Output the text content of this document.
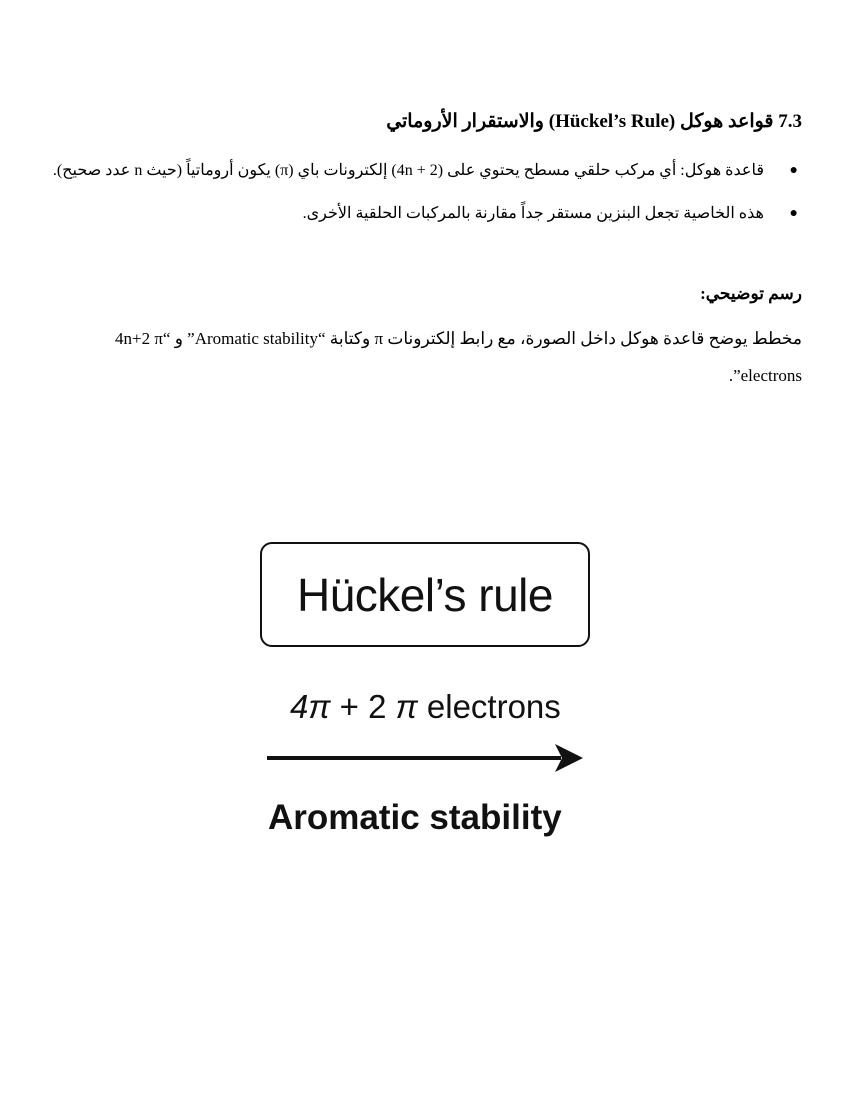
7.3 قواعد هوكل (Hückel’s Rule) والاستقرار الأروماتي
●
قاعدة هوكل: أي مركب حلقي مسطح يحتوي على (4n + 2) إلكترونات باي (π) يكون أروماتياً (حيث n عدد صحيح).
●
هذه الخاصية تجعل البنزين مستقر جداً مقارنة بالمركبات الحلقية الأخرى.
رسم توضيحي:
مخطط يوضح قاعدة هوكل داخل الصورة، مع رابط إلكترونات π وكتابة “Aromatic stability” و “4n+2 π electrons”.
Hückel’s rule
4π + 2 π electrons
Aromatic stability
